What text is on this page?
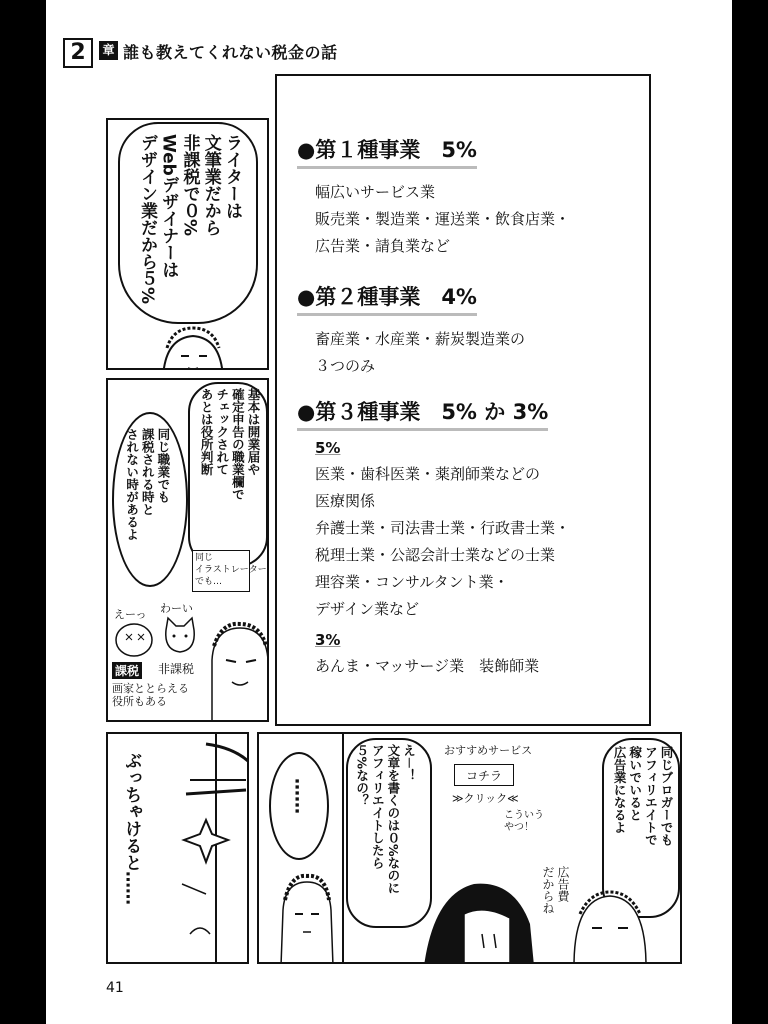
2	章 誰も教えてくれない税金の話
ライターは
文筆業だから
非課税で０%
Webデザイナーは
デザイン業だから５%
基本は開業届や
確定申告の職業欄で
チェックされて
あとは役所判断
同じ職業でも
課税される時と
されない時があるよ
同じ
イラストレーター
でも…
えーっ わーい
課税 非課税
画家ととらえる
役所もある
●第１種事業　5%
幅広いサービス業
販売業・製造業・運送業・飲食店業・
広告業・請負業など
●第２種事業　4%
畜産業・水産業・薪炭製造業の
３つのみ
●第３種事業　5% か 3%
5%
医業・歯科医業・薬剤師業などの
医療関係
弁護士業・司法書士業・行政書士業・
税理士業・公認会計士業などの士業
理容業・コンサルタント業・
デザイン業など
3%
あんま・マッサージ業　装飾師業
ぶっちゃけると……	……
え－！
文章を書くのは０%なのに
アフィリエイトしたら
５%なの？	おすすめサービス
コチラ
≫クリック≪
こういう
やつ！	同じブロガーでも
アフィリエイトで
稼いでいると
広告業になるよ
広告費
だからね
41
